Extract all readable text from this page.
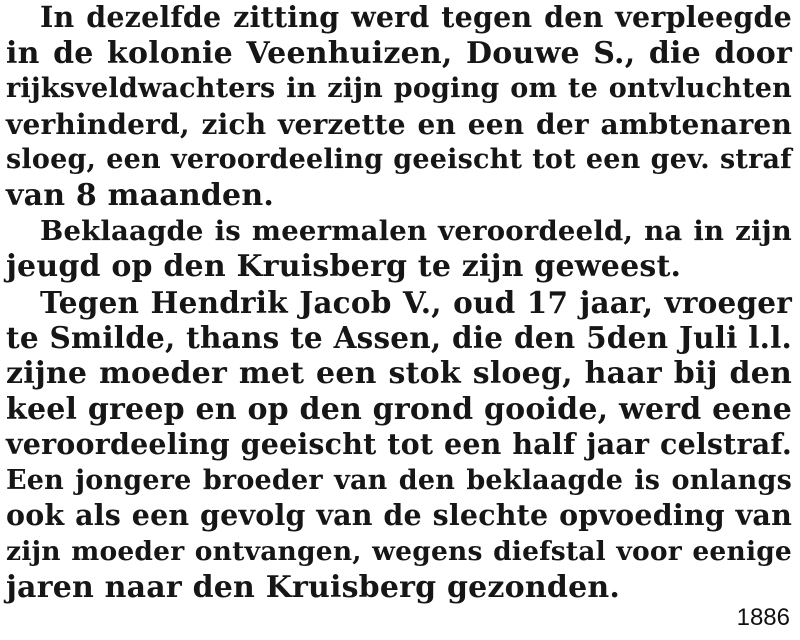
In dezelfde zitting werd tegen den verpleegde
in de kolonie Veenhuizen, Douwe S., die door
rijksveldwachters in zijn poging om te ontvluchten
verhinderd, zich verzette en een der ambtenaren
sloeg, een veroordeeling geeischt tot een gev. straf
van 8 maanden.
Beklaagde is meermalen veroordeeld, na in zijn
jeugd op den Kruisberg te zijn geweest.
Tegen Hendrik Jacob V., oud 17 jaar, vroeger
te Smilde, thans te Assen, die den 5den Juli l.l.
zijne moeder met een stok sloeg, haar bij den
keel greep en op den grond gooide, werd eene
veroordeeling geeischt tot een half jaar celstraf.
Een jongere broeder van den beklaagde is onlangs
ook als een gevolg van de slechte opvoeding van
zijn moeder ontvangen, wegens diefstal voor eenige
jaren naar den Kruisberg gezonden.
1886
